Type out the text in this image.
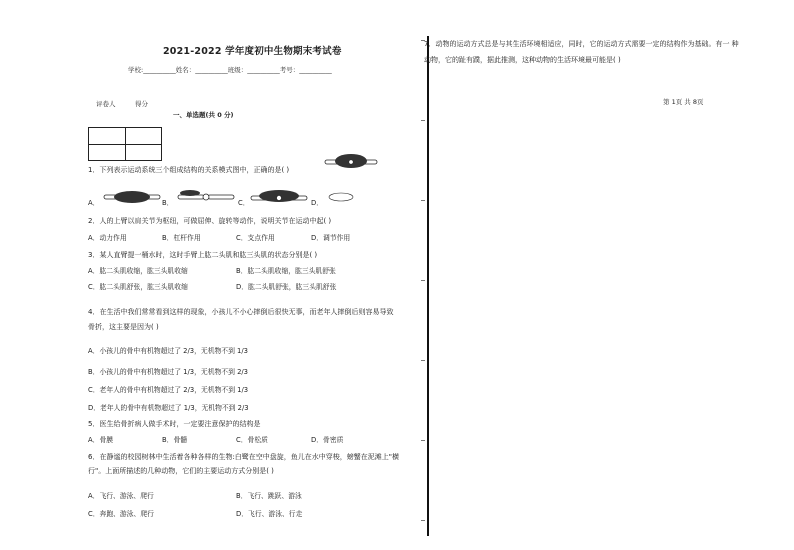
2021-2022 学年度初中生物期末考试卷
学校:__________姓名：__________班级：__________考号：__________
评卷人	得分
一、单选题(共 0 分)
1．下列表示运动系统三个组成结构的关系模式图中，正确的是( )
A．	B．	C．	D．
2．人的上臂以肩关节为枢纽，可做屈伸、旋转等动作，说明关节在运动中起( )
A．动力作用	B．杠杆作用	C．支点作用	D．调节作用
3．某人直臂提一桶水时，这时手臂上肱二头肌和肱三头肌的状态分别是( )
A．肱二头肌收缩，肱三头肌收缩	B．肱二头肌收缩，肱三头肌舒张
C．肱二头肌舒张，肱三头肌收缩	D．肱二头肌舒张，肱三头肌舒张
4．在生活中我们常常看到这样的现象，小孩儿不小心摔倒后很快无事，而老年人摔倒后则容易导致
骨折，这主要是因为( )
A．小孩儿的骨中有机物超过了 2/3，无机物不到 1/3
B．小孩儿的骨中有机物超过了 1/3，无机物不到 2/3
C．老年人的骨中有机物超过了 2/3，无机物不到 1/3
D．老年人的骨中有机物超过了 1/3，无机物不到 2/3
5．医生给骨折病人做手术时，一定要注意保护的结构是
A．骨膜	B．骨髓	C．骨松质	D．骨密质
6．在静谧的校园树林中生活着各种各样的生物:白鹭在空中盘旋，鱼儿在水中穿梭，螃蟹在泥滩上"横
行"。上面所描述的几种动物，它们的主要运动方式分别是( )
A．飞行、游泳、爬行	B．飞行、跳跃、游泳
C．奔跑、游泳、爬行	D．飞行、游泳、行走
7．动物的运动方式总是与其生活环境相适应，同时，它的运动方式需要一定的结构作为基础。有一 种
动物，它的趾有蹼，据此推测，这种动物的生活环境最可能是( )
第 1页 共 8页
